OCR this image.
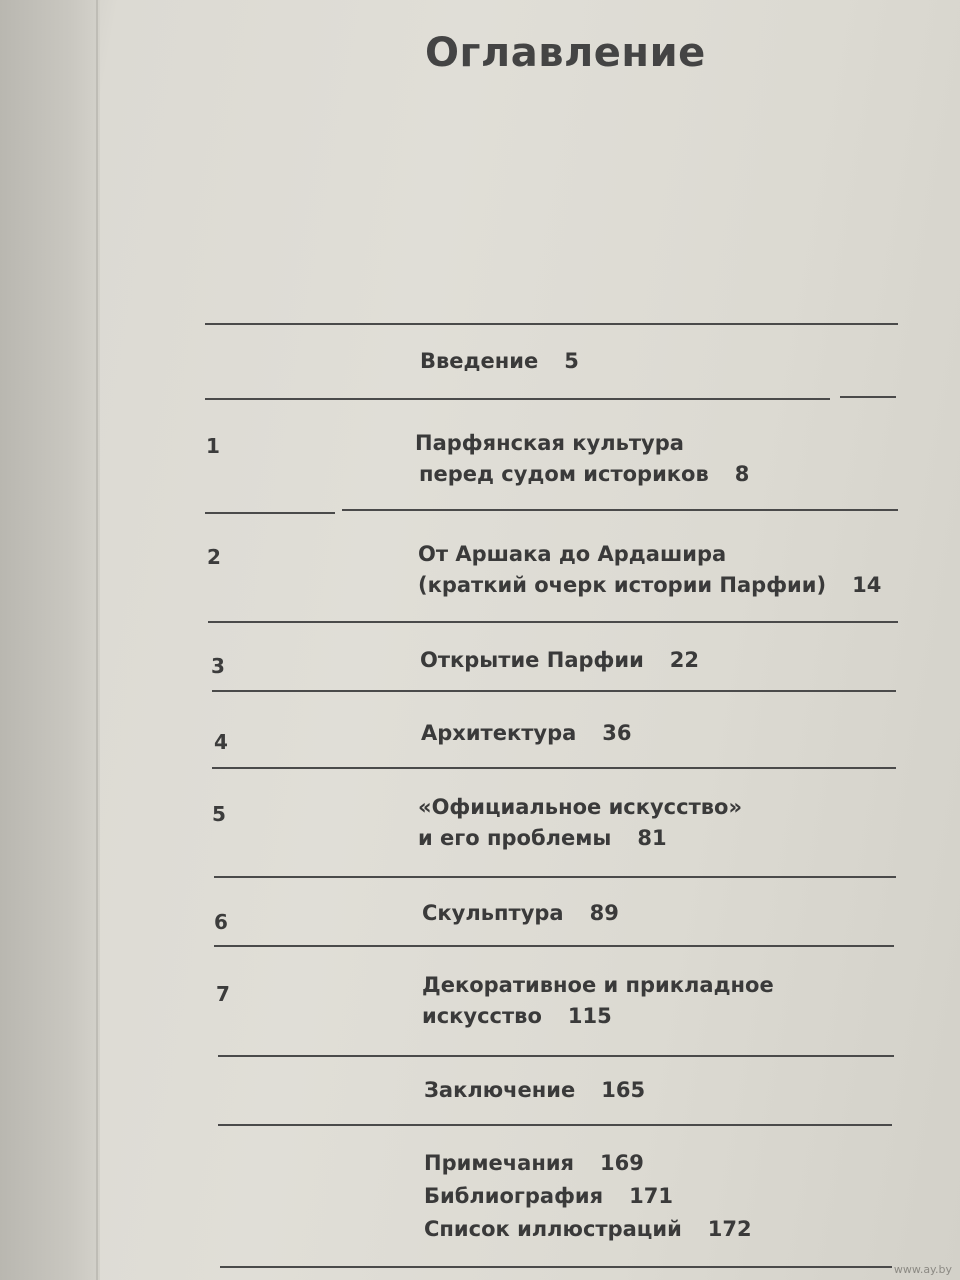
Оглавление
Введение 5
1	Парфянская культура
перед судом историков 8
2	От Аршака до Ардашира
(краткий очерк истории Парфии) 14
3	Открытие Парфии 22
4	Архитектура 36
5	«Официальное искусство»
и его проблемы 81
6	Скульптура 89
7	Декоративное и прикладное
искусство 115
Заключение 165
Примечания 169
Библиография 171
Список иллюстраций 172
www.ay.by
